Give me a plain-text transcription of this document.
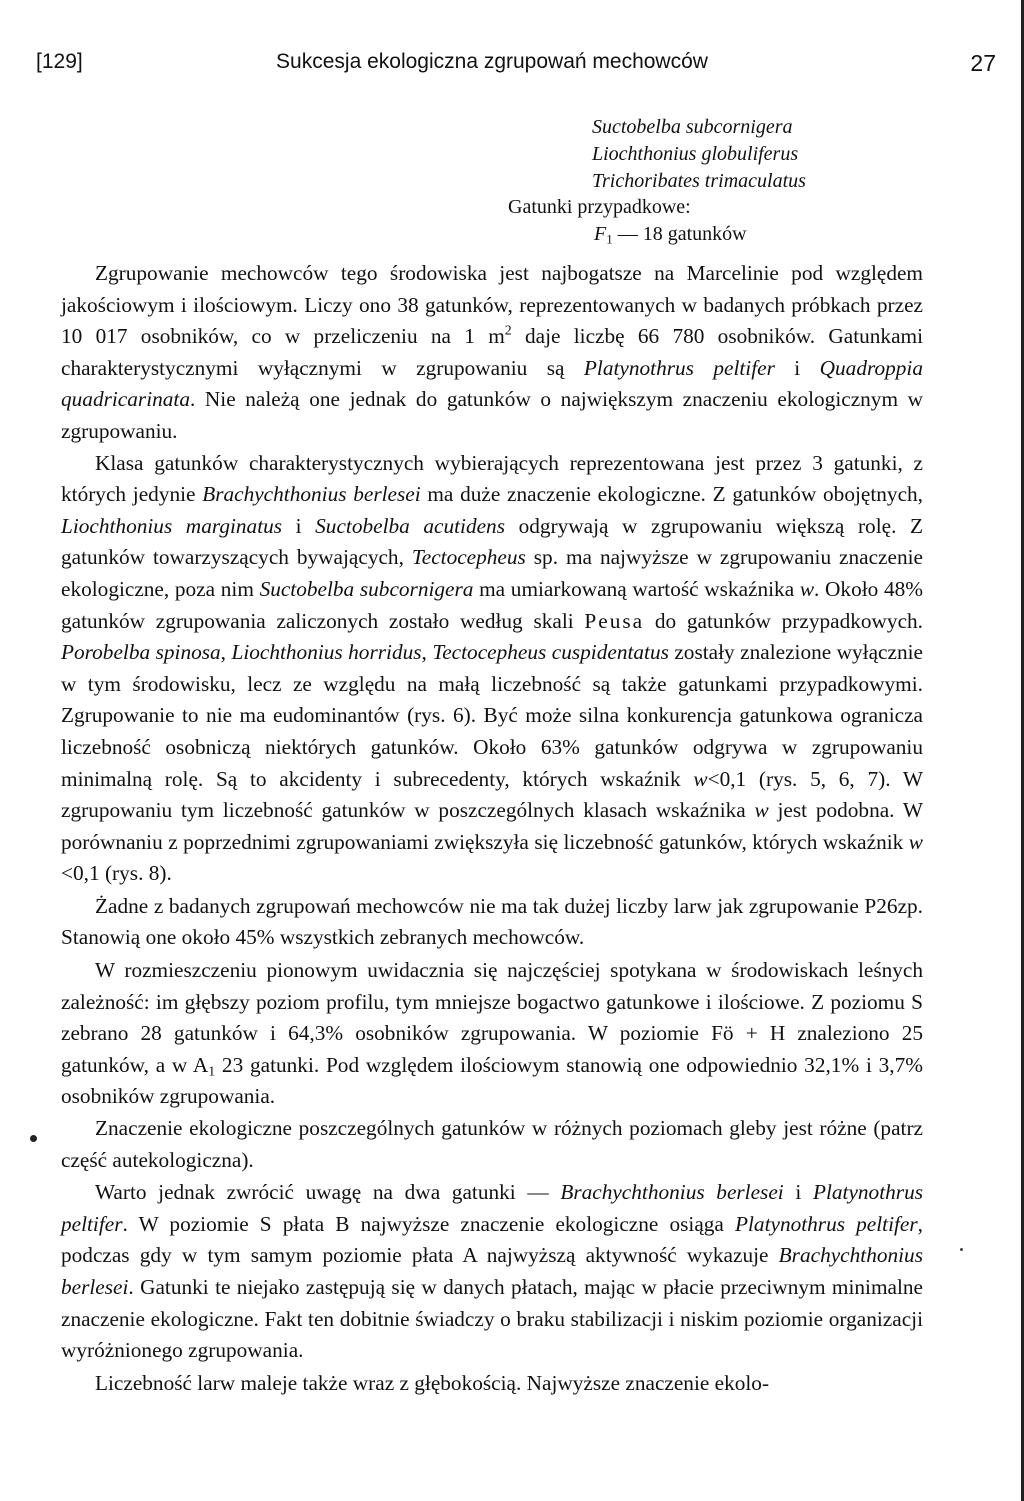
[129]	Sukcesja ekologiczna zgrupowań mechowców	27
Suctobelba subcornigera
Liochthonius globuliferus
Trichoribates trimaculatus
Gatunki przypadkowe:
$F_1$ — 18 gatunków

Zgrupowanie mechowców tego środowiska jest najbogatsze na Marcelinie pod względem jakościowym i ilościowym. Liczy ono 38 gatunków, reprezentowanych w badanych próbkach przez 10 017 osobników, co w przeliczeniu na 1 $m^2$ daje liczbę 66 780 osobników. Gatunkami charakterystycznymi wyłącznymi w zgrupowaniu są Platynothrus peltifer i Quadroppia quadricarinata. Nie należą one jednak do gatunków o największym znaczeniu ekologicznym w zgrupowaniu.

Klasa gatunków charakterystycznych wybierających reprezentowana jest przez 3 gatunki, z których jedynie Brachychthonius berlesei ma duże znaczenie ekologiczne. Z gatunków obojętnych, Liochthonius marginatus i Suctobelba acutidens odgrywają w zgrupowaniu większą rolę. Z gatunków towarzyszących bywających, Tectocepheus sp. ma najwyższe w zgrupowaniu znaczenie ekologiczne, poza nim Suctobelba subcornigera ma umiarkowaną wartość wskaźnika w. Około 48% gatunków zgrupowania zaliczonych zostało według skali Peusa do gatunków przypadkowych. Porobelba spinosa, Liochthonius horridus, Tectocepheus cuspidentatus zostały znalezione wyłącznie w tym środowisku, lecz ze względu na małą liczebność są także gatunkami przypadkowymi. Zgrupowanie to nie ma eudominantów (rys. 6). Być może silna konkurencja gatunkowa ogranicza liczebność osobniczą niektórych gatunków. Około 63% gatunków odgrywa w zgrupowaniu minimalną rolę. Są to akcidenty i subrecedenty, których wskaźnik w<0,1 (rys. 5, 6, 7). W zgrupowaniu tym liczebność gatunków w poszczególnych klasach wskaźnika w jest podobna. W porównaniu z poprzednimi zgrupowaniami zwiększyła się liczebność gatunków, których wskaźnik w <0,1 (rys. 8).

Żadne z badanych zgrupowań mechowców nie ma tak dużej liczby larw jak zgrupowanie P26zp. Stanowią one około 45% wszystkich zebranych mechowców.

W rozmieszczeniu pionowym uwidacznia się najczęściej spotykana w środowiskach leśnych zależność: im głębszy poziom profilu, tym mniejsze bogactwo gatunkowe i ilościowe. Z poziomu S zebrano 28 gatunków i 64,3% osobników zgrupowania. W poziomie Fö + H znaleziono 25 gatunków, a w $A_1$ 23 gatunki. Pod względem ilościowym stanowią one odpowiednio 32,1% i 3,7% osobników zgrupowania.

Znaczenie ekologiczne poszczególnych gatunków w różnych poziomach gleby jest różne (patrz część autekologiczna).

Warto jednak zwrócić uwagę na dwa gatunki — Brachychthonius berlesei i Platynothrus peltifer. W poziomie S płata B najwyższe znaczenie ekologiczne osiąga Platynothrus peltifer, podczas gdy w tym samym poziomie płata A najwyższą aktywność wykazuje Brachychthonius berlesei. Gatunki te niejako zastępują się w danych płatach, mając w płacie przeciwnym minimalne znaczenie ekologiczne. Fakt ten dobitnie świadczy o braku stabilizacji i niskim poziomie organizacji wyróżnionego zgrupowania.

Liczebność larw maleje także wraz z głębokością. Najwyższe znaczenie ekolo-
